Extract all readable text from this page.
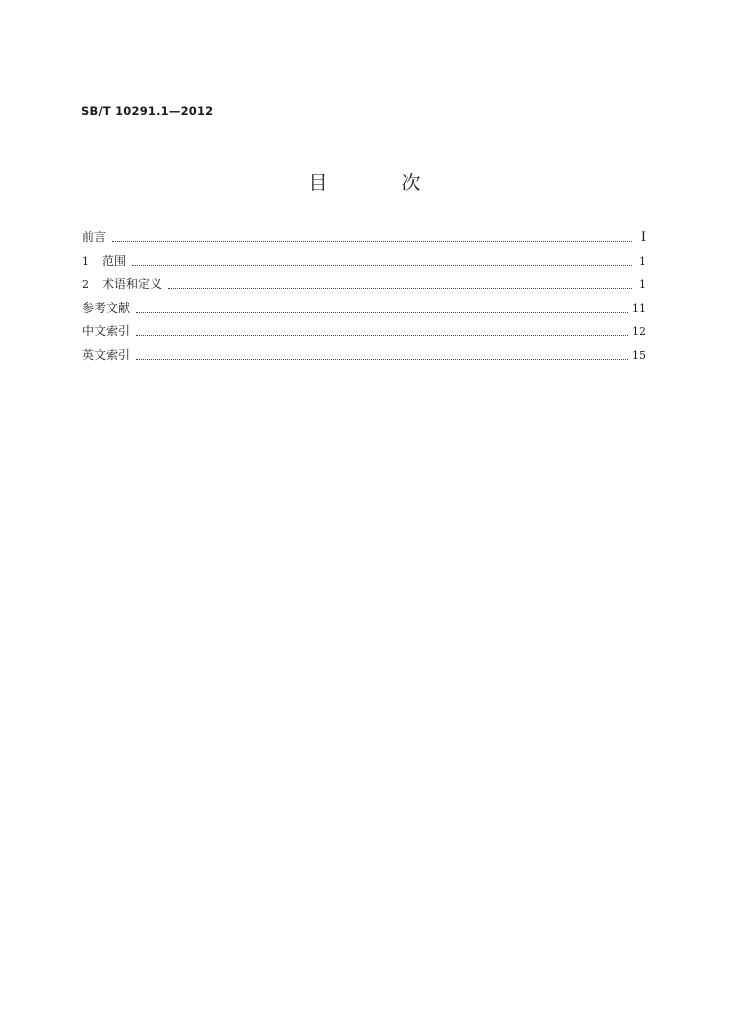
SB/T 10291.1—2012
目 次
前言	Ⅰ
1	范围	1
2	术语和定义	1
参考文献	11
中文索引	12
英文索引	15
